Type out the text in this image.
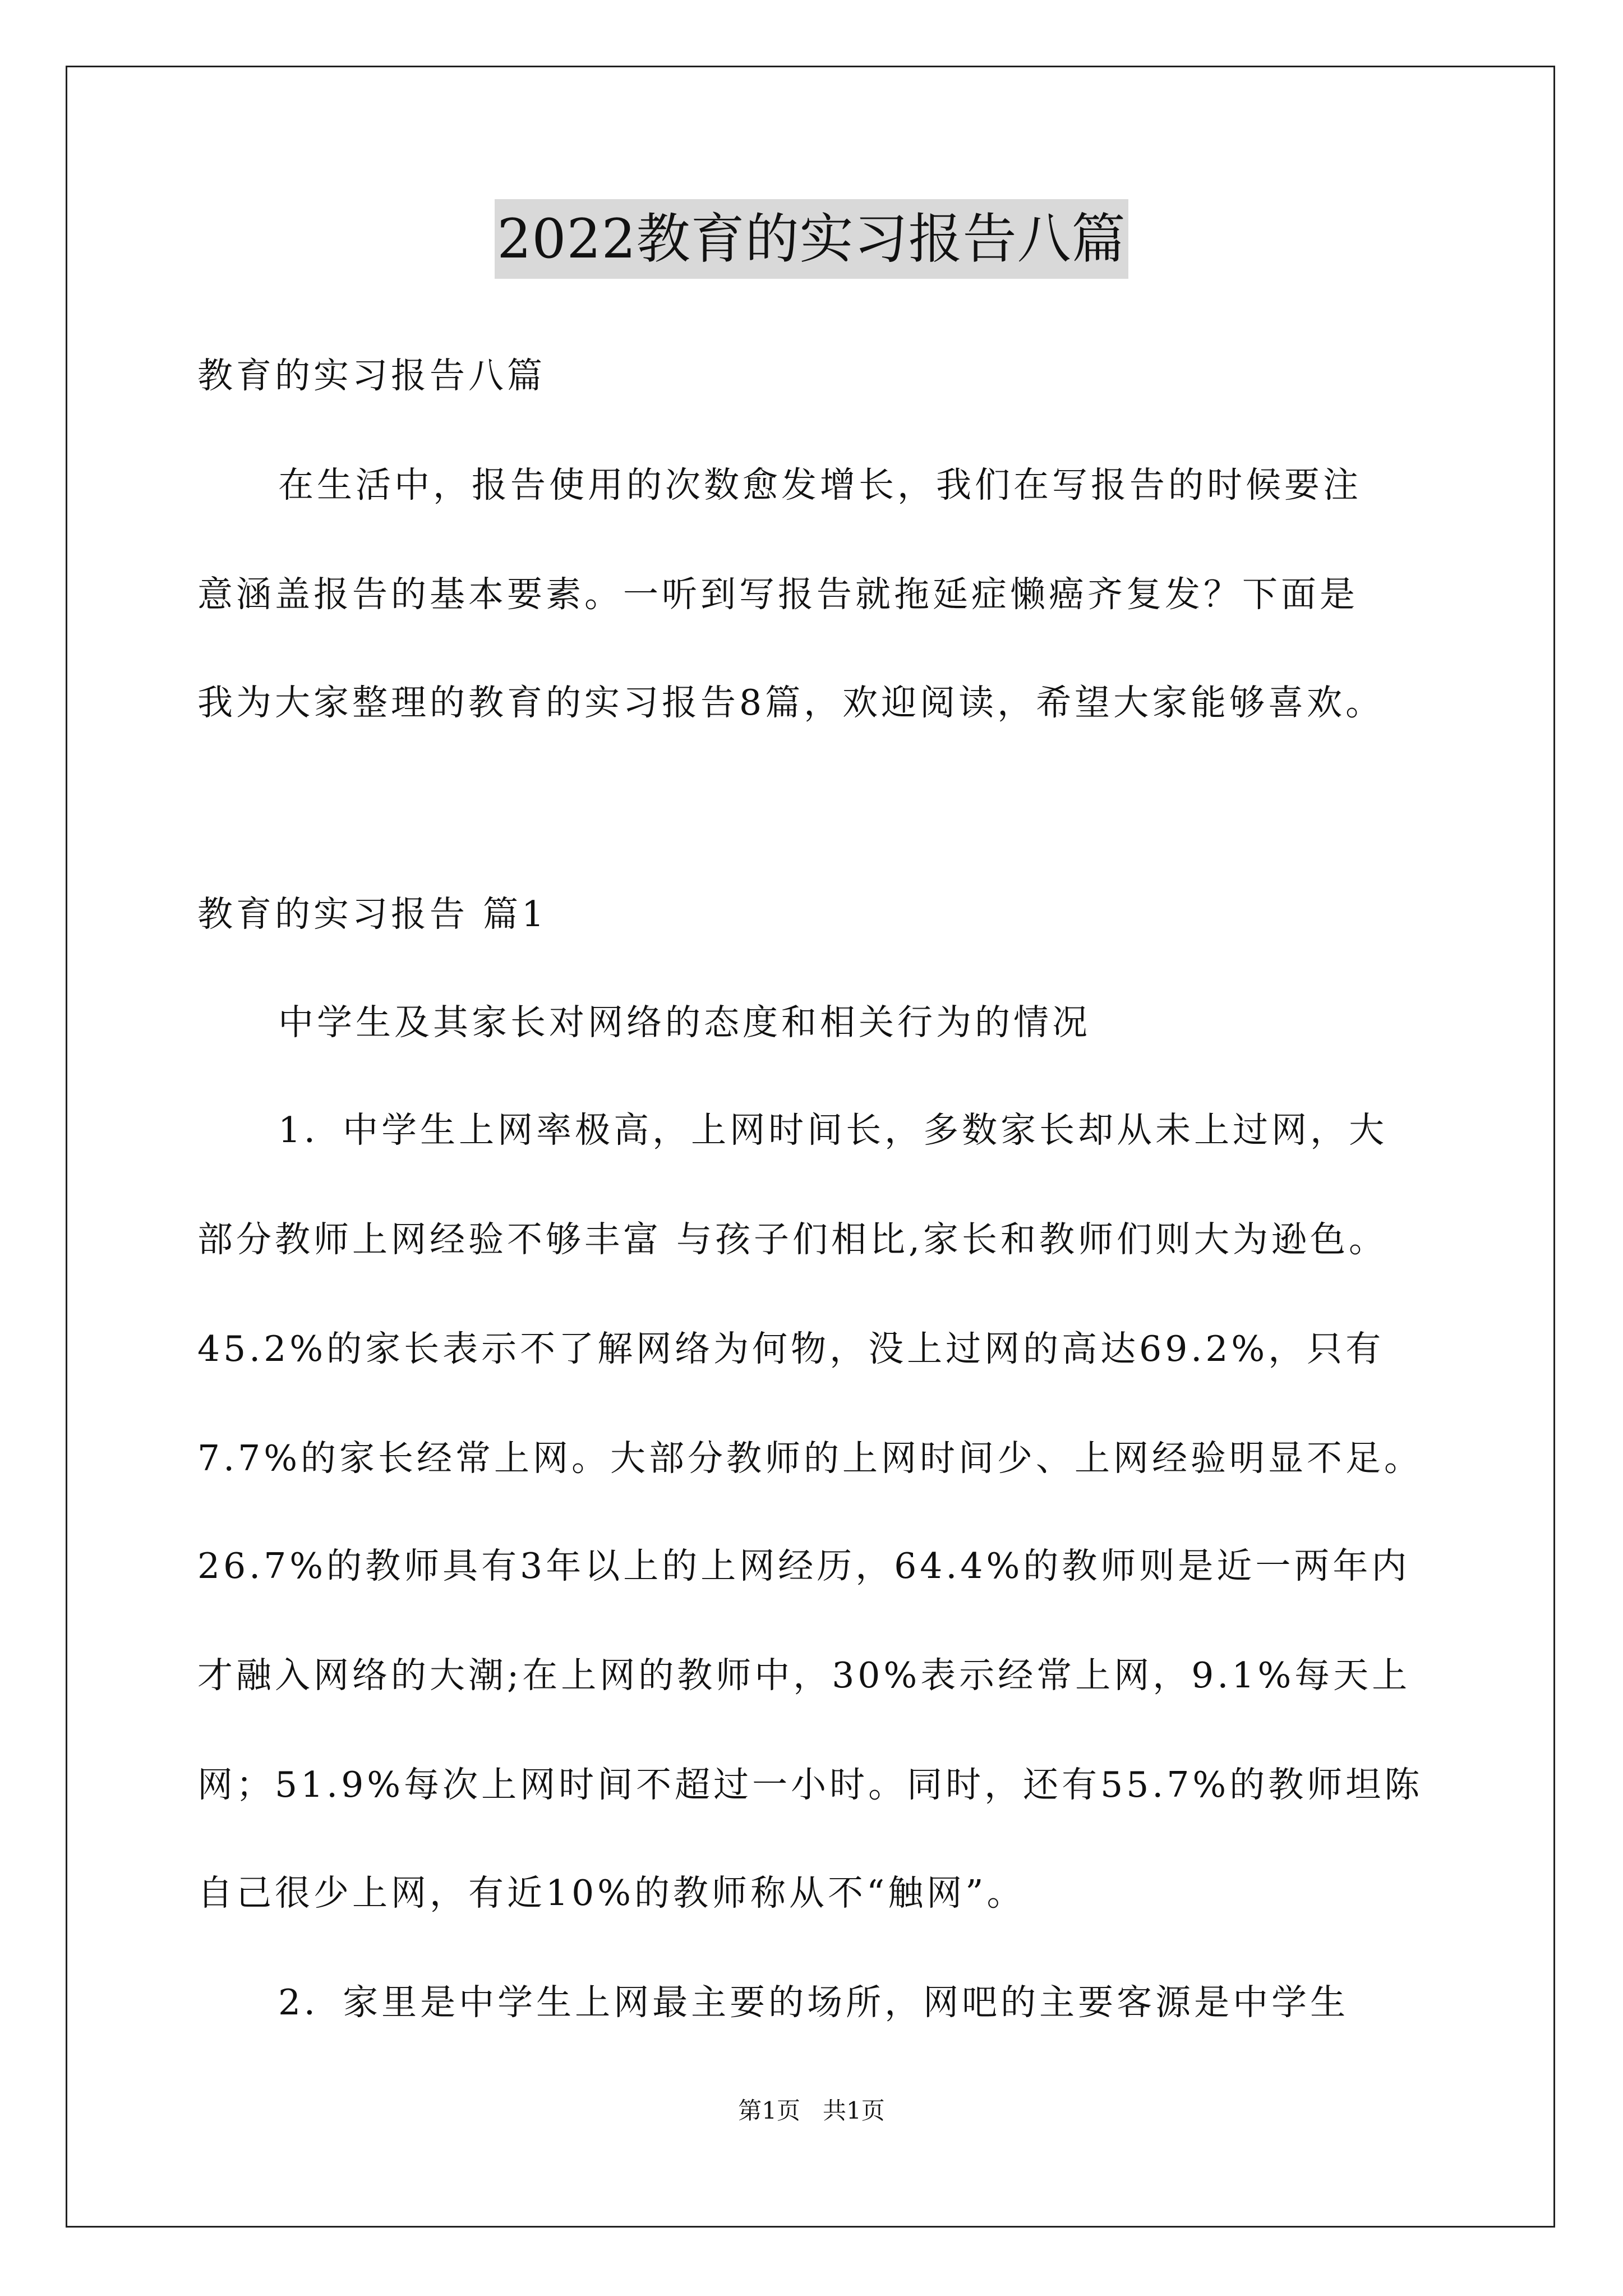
2022教育的实习报告八篇
教育的实习报告八篇
在生活中，报告使用的次数愈发增长，我们在写报告的时候要注
意涵盖报告的基本要素。一听到写报告就拖延症懒癌齐复发？下面是
我为大家整理的教育的实习报告8篇，欢迎阅读，希望大家能够喜欢。
教育的实习报告 篇1
中学生及其家长对网络的态度和相关行为的情况
1．中学生上网率极高，上网时间长，多数家长却从未上过网，大
部分教师上网经验不够丰富 与孩子们相比,家长和教师们则大为逊色。
45.2%的家长表示不了解网络为何物，没上过网的高达69.2%，只有
7.7%的家长经常上网。大部分教师的上网时间少、上网经验明显不足。
26.7%的教师具有3年以上的上网经历，64.4%的教师则是近一两年内
才融入网络的大潮;在上网的教师中，30%表示经常上网，9.1%每天上
网；51.9%每次上网时间不超过一小时。同时，还有55.7%的教师坦陈
自己很少上网，有近10%的教师称从不“触网”。
2．家里是中学生上网最主要的场所，网吧的主要客源是中学生
第1页   共1页
